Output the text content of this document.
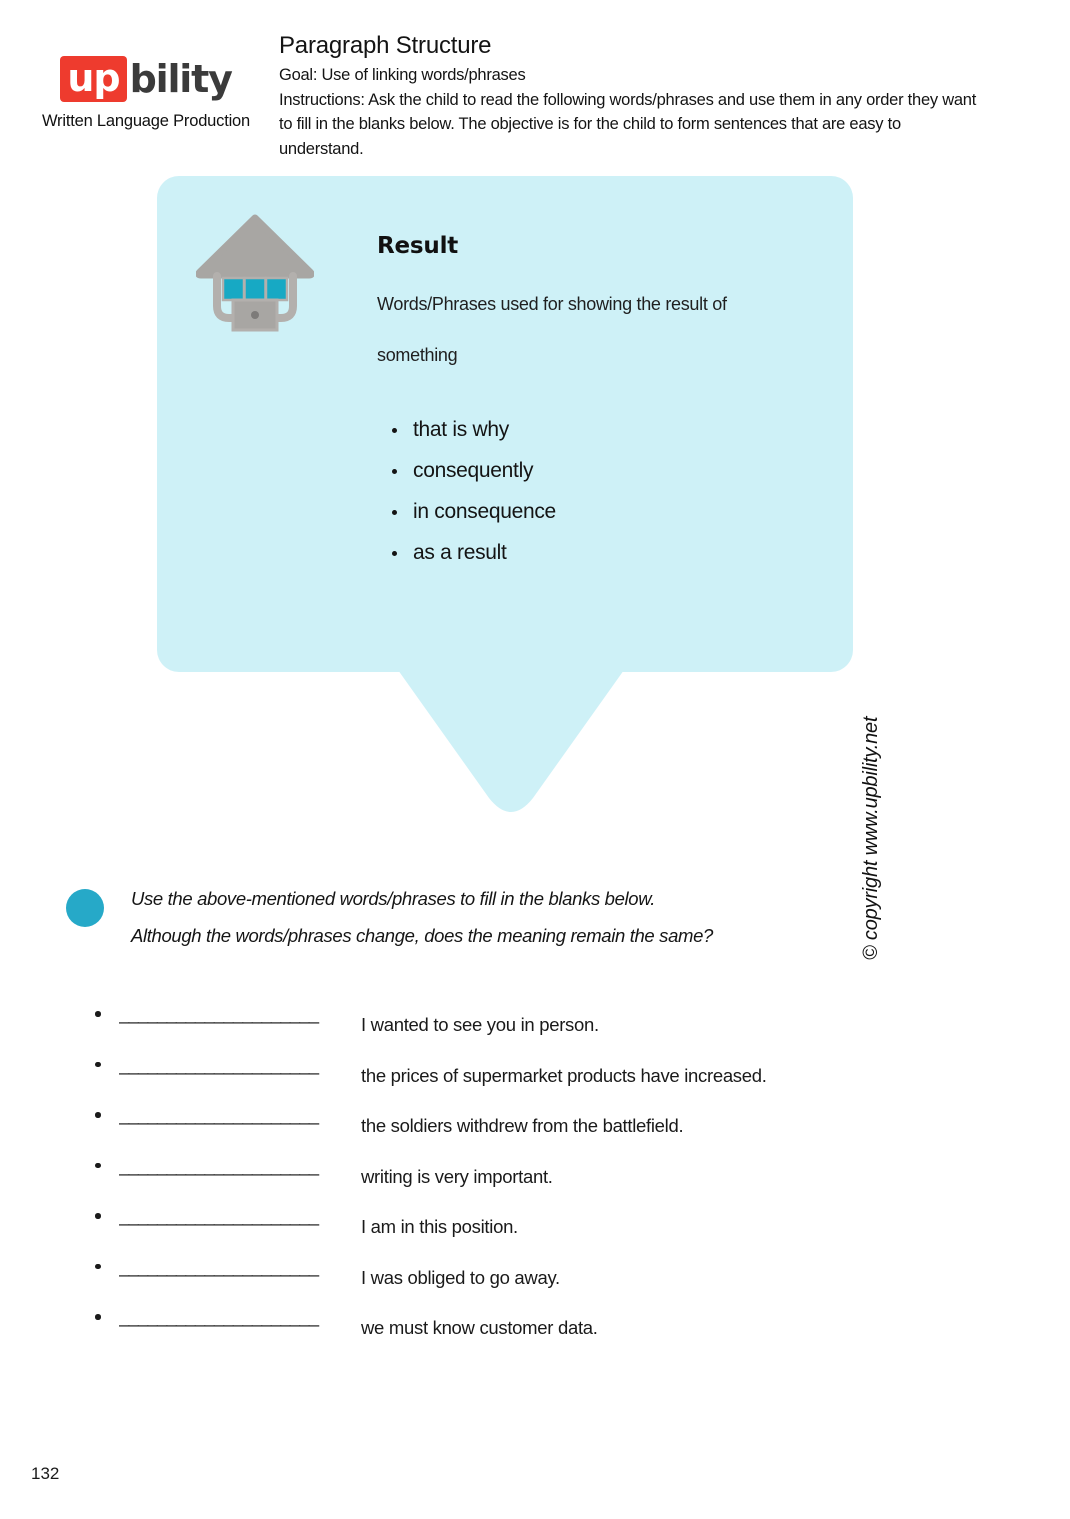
up bility
Written Language Production
Paragraph Structure
Goal: Use of linking words/phrases
Instructions: Ask the child to read the following words/phrases and use them in any order they want to fill in the blanks below. The objective is for the child to form sentences that are easy to understand.
Result
Words/Phrases used for showing the result of something
that is why
consequently
in consequence
as a result
Use the above-mentioned words/phrases to fill in the blanks below.
Although the words/phrases change, does the meaning remain the same?
_____________________I wanted to see you in person.
_____________________the prices of supermarket products have increased.
_____________________the soldiers withdrew from the battlefield.
_____________________writing is very important.
_____________________I am in this position.
_____________________I was obliged to go away.
_____________________we must know customer data.
© copyright www.upbility.net
132
